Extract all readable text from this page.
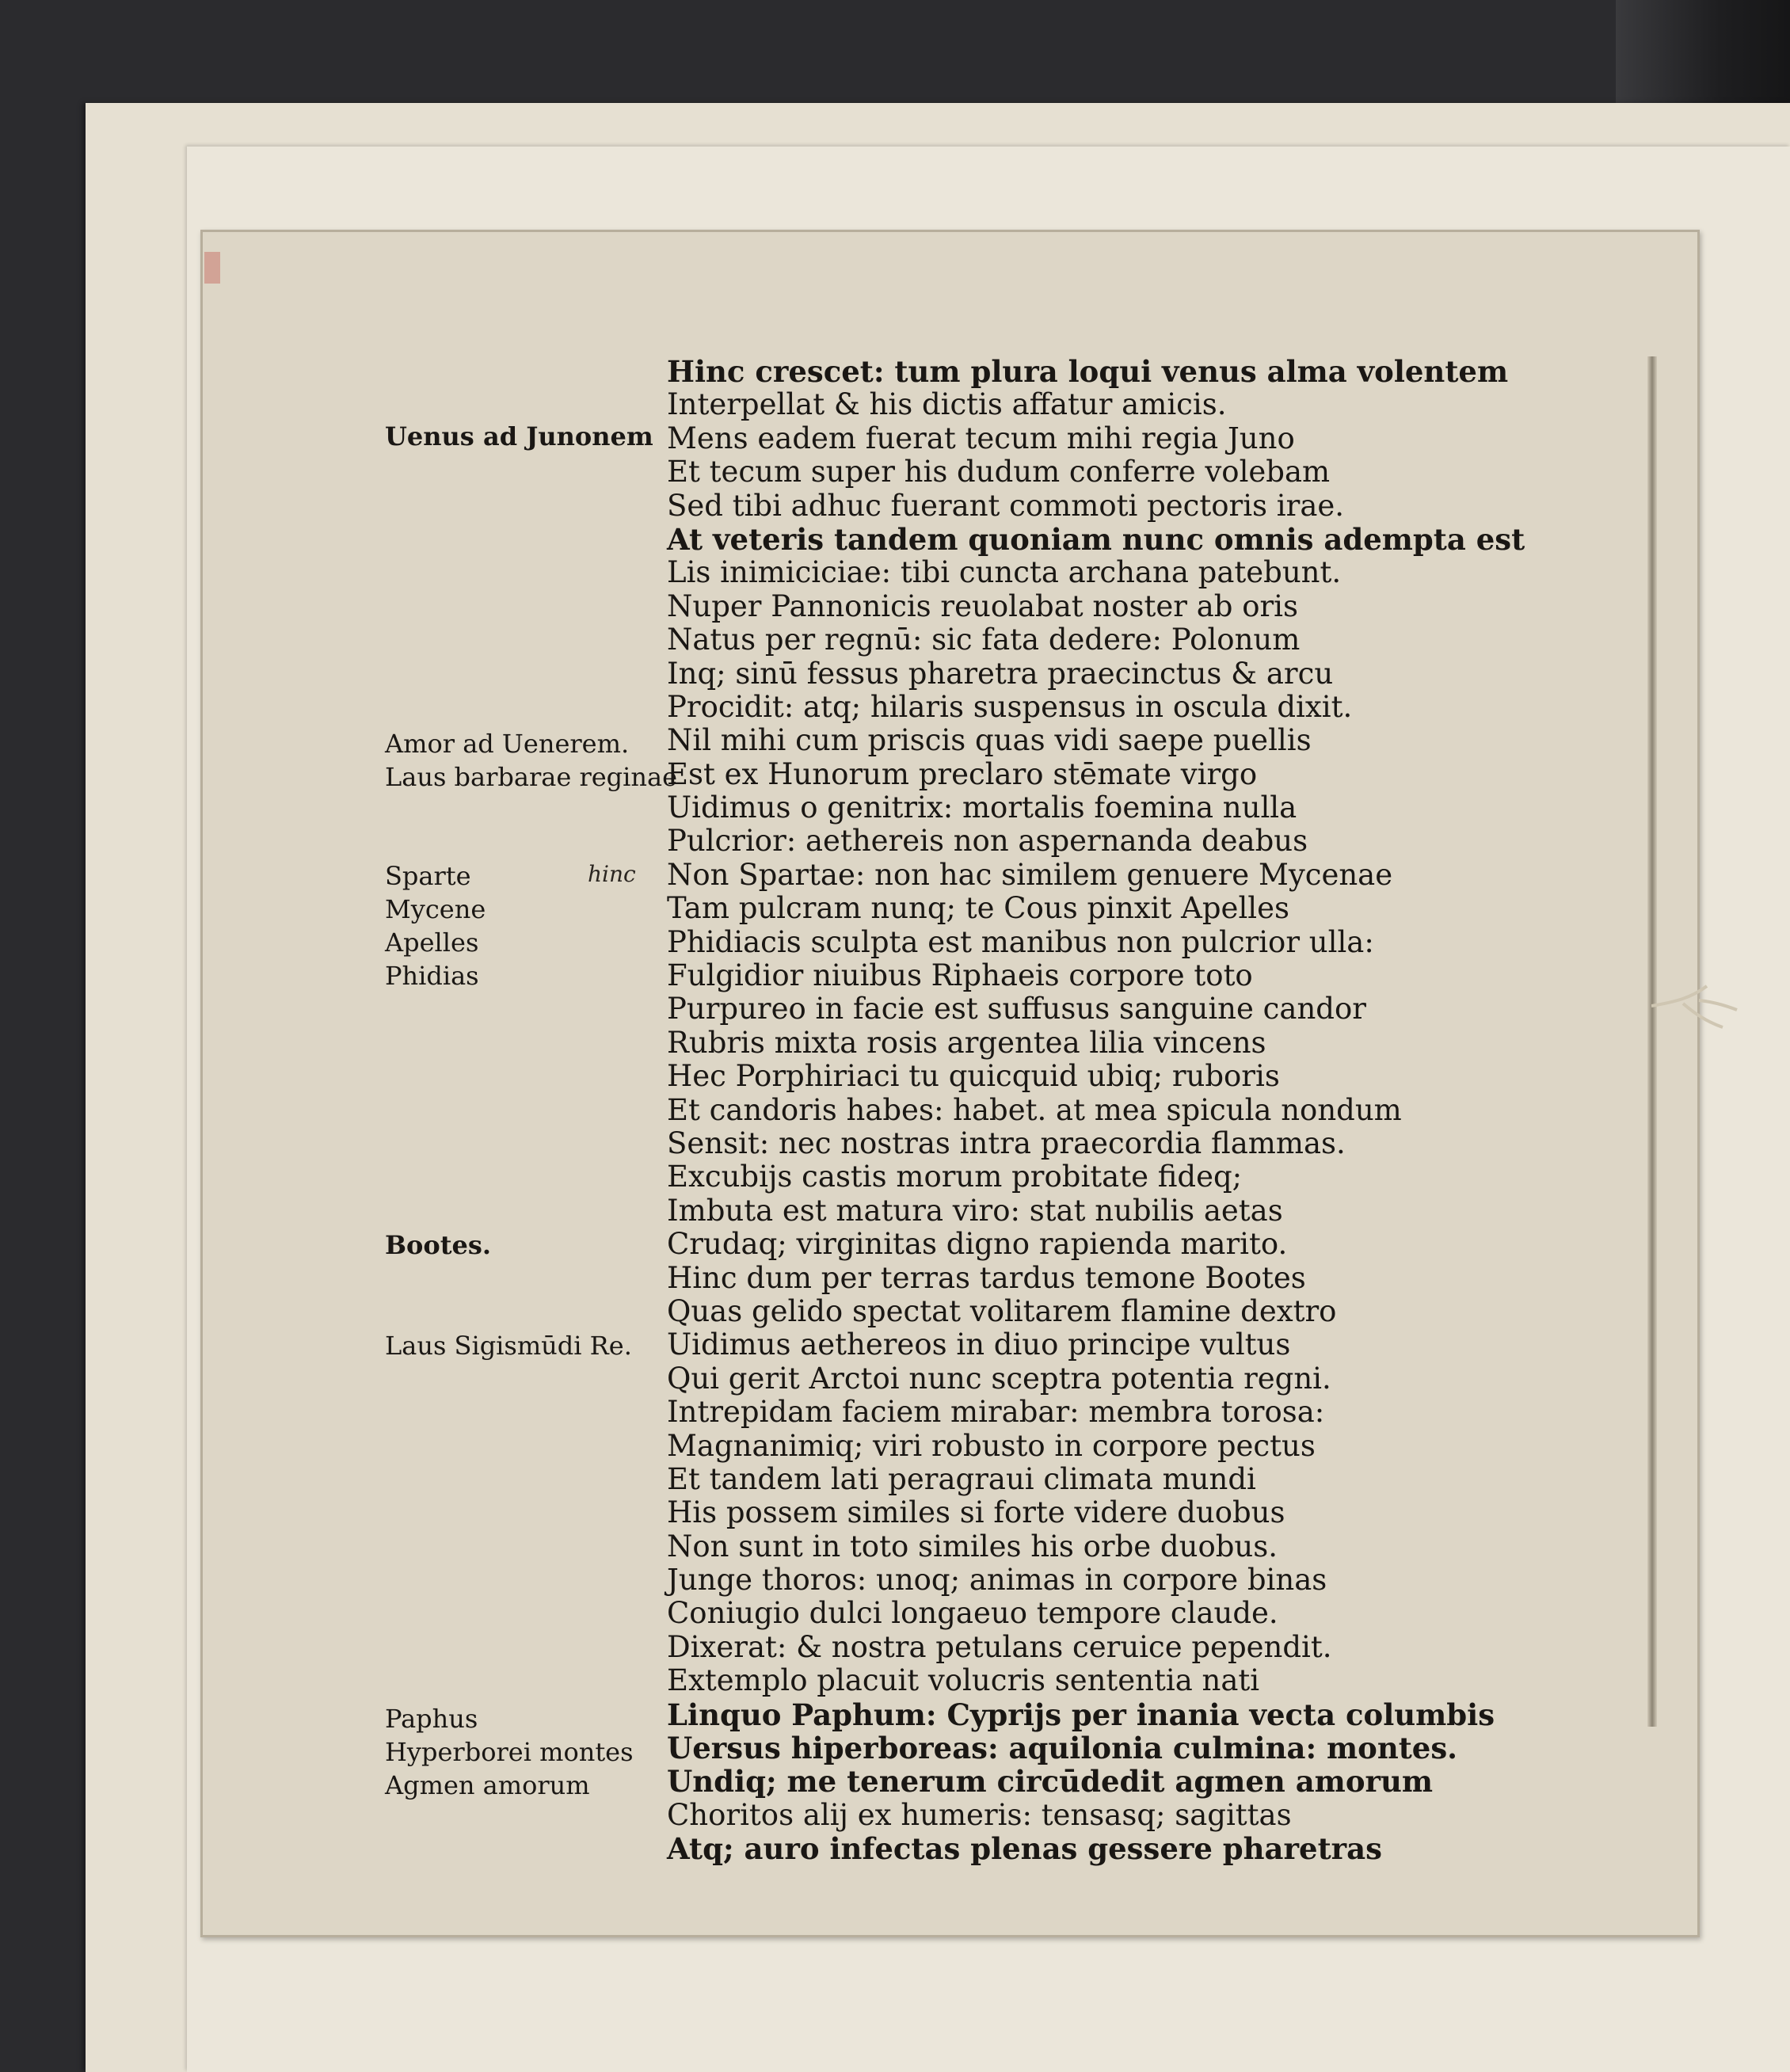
hinc
Uenus ad Junonem
Amor ad Uenerem.
Laus barbarae reginae
Sparte
Mycene
Apelles
Phidias
Bootes.
Laus Sigismūdi Re.
Paphus
Hyperborei montes
Agmen amorum
Hinc crescet: tum plura loqui venus alma volentem
Interpellat & his dictis affatur amicis.
Mens eadem fuerat tecum mihi regia Juno
Et tecum super his dudum conferre volebam
Sed tibi adhuc fuerant commoti pectoris irae.
At veteris tandem quoniam nunc omnis adempta est
Lis inimiciciae: tibi cuncta archana patebunt.
Nuper Pannonicis reuolabat noster ab oris
Natus per regnū: sic fata dedere: Polonum
Inq; sinū fessus pharetra praecinctus & arcu
Procidit: atq; hilaris suspensus in oscula dixit.
Nil mihi cum priscis quas vidi saepe puellis
Est ex Hunorum preclaro stēmate virgo
Uidimus o genitrix: mortalis foemina nulla
Pulcrior: aethereis non aspernanda deabus
Non Spartae: non hac similem genuere Mycenae
Tam pulcram nunq; te Cous pinxit Apelles
Phidiacis sculpta est manibus non pulcrior ulla:
Fulgidior niuibus Riphaeis corpore toto
Purpureo in facie est suffusus sanguine candor
Rubris mixta rosis argentea lilia vincens
Hec Porphiriaci tu quicquid ubiq; ruboris
Et candoris habes: habet. at mea spicula nondum
Sensit: nec nostras intra praecordia flammas.
Excubijs castis morum probitate fideq;
Imbuta est matura viro: stat nubilis aetas
Crudaq; virginitas digno rapienda marito.
Hinc dum per terras tardus temone Bootes
Quas gelido spectat volitarem flamine dextro
Uidimus aethereos in diuo principe vultus
Qui gerit Arctoi nunc sceptra potentia regni.
Intrepidam faciem mirabar: membra torosa:
Magnanimiq; viri robusto in corpore pectus
Et tandem lati peragraui climata mundi
His possem similes si forte videre duobus
Non sunt in toto similes his orbe duobus.
Junge thoros: unoq; animas in corpore binas
Coniugio dulci longaeuo tempore claude.
Dixerat: & nostra petulans ceruice pependit.
Extemplo placuit volucris sententia nati
Linquo Paphum: Cyprijs per inania vecta columbis
Uersus hiperboreas: aquilonia culmina: montes.
Undiq; me tenerum circūdedit agmen amorum
Choritos alij ex humeris: tensasq; sagittas
Atq; auro infectas plenas gessere pharetras
